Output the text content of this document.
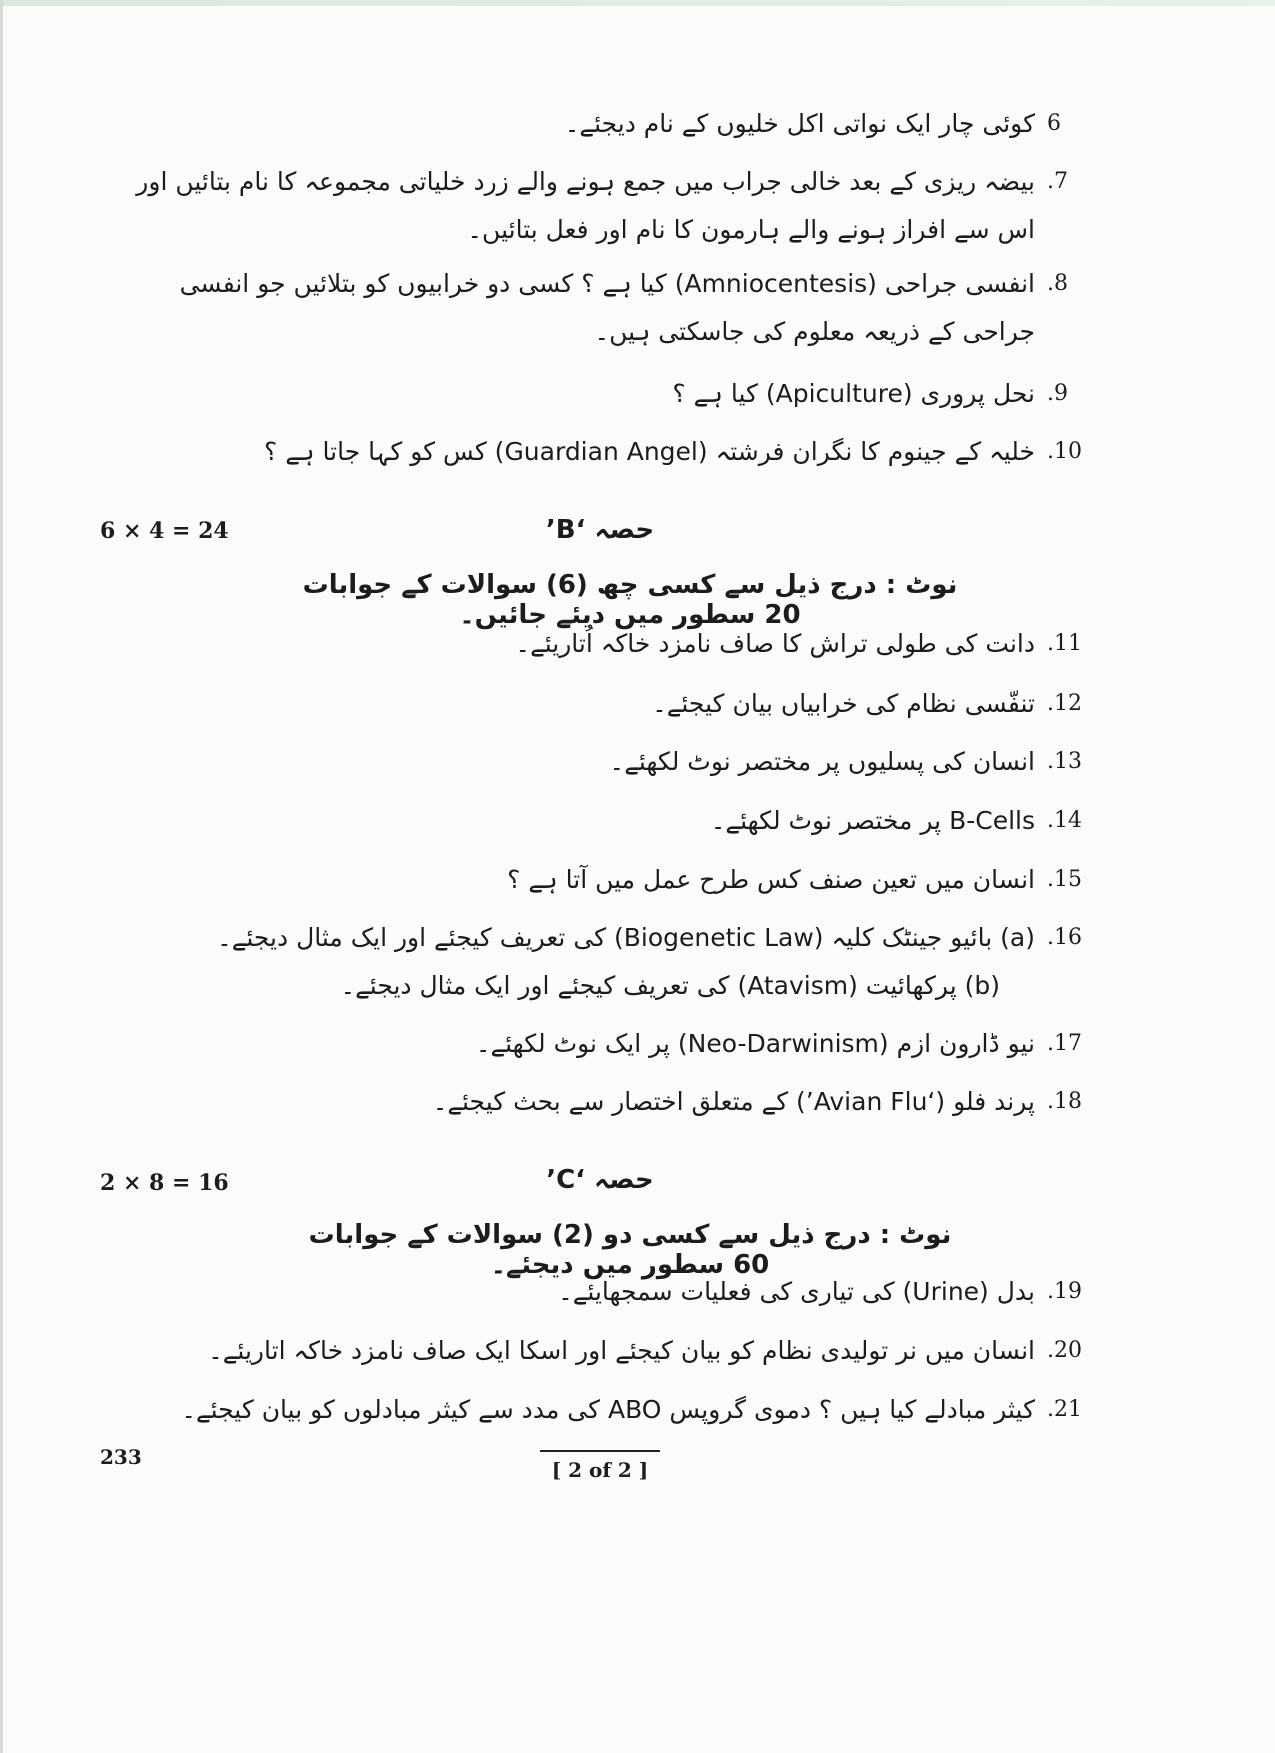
6
کوئی چار ایک نواتی اکل خلیوں کے نام دیجئے۔
.7
بیضہ ریزی کے بعد خالی جراب میں جمع ہونے والے زرد خلیاتی مجموعہ کا نام بتائیں اور اس سے افراز ہونے والے ہارمون کا نام اور فعل بتائیں۔
.8
انفسی جراحی (Amniocentesis) کیا ہے ؟ کسی دو خرابیوں کو بتلائیں جو انفسی جراحی کے ذریعہ معلوم کی جاسکتی ہیں۔
.9
نحل پروری (Apiculture) کیا ہے ؟
.10
خلیہ کے جینوم کا نگران فرشتہ (Guardian Angel) کس کو کہا جاتا ہے ؟
6 × 4 = 24	حصہ ‘B’
نوٹ : درج ذیل سے کسی چھ (6) سوالات کے جوابات 20 سطور میں دیئے جائیں۔
.11
دانت کی طولی تراش کا صاف نامزد خاکہ اُتاریئے۔
.12
تنفّسی نظام کی خرابیاں بیان کیجئے۔
.13
انسان کی پسلیوں پر مختصر نوٹ لکھئے۔
.14
B-Cells پر مختصر نوٹ لکھئے۔
.15
انسان میں تعین صنف کس طرح عمل میں آتا ہے ؟
.16
(a) بائیو جینٹک کلیہ (Biogenetic Law) کی تعریف کیجئے اور ایک مثال دیجئے۔
(b) پرکھائیت (Atavism) کی تعریف کیجئے اور ایک مثال دیجئے۔
.17
نیو ڈارون ازم (Neo-Darwinism) پر ایک نوٹ لکھئے۔
.18
پرند فلو (‘Avian Flu’) کے متعلق اختصار سے بحث کیجئے۔
2 × 8 = 16	حصہ ‘C’
نوٹ : درج ذیل سے کسی دو (2) سوالات کے جوابات 60 سطور میں دیجئے۔
.19
بدل (Urine) کی تیاری کی فعلیات سمجھایئے۔
.20
انسان میں نر تولیدی نظام کو بیان کیجئے اور اسکا ایک صاف نامزد خاکہ اتاریئے۔
.21
کیثر مبادلے کیا ہیں ؟ دموی گروپس ABO کی مدد سے کیثر مبادلوں کو بیان کیجئے۔
233
[ 2 of 2 ]
